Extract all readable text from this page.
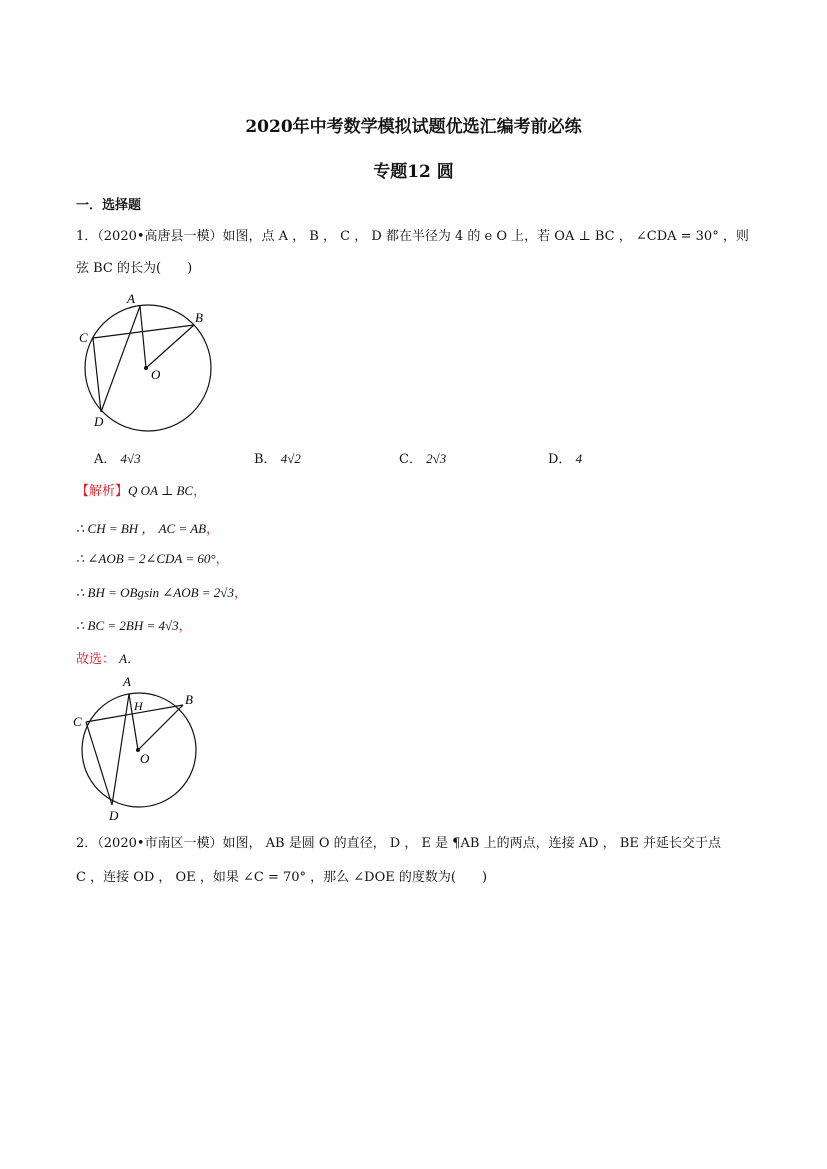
2020年中考数学模拟试题优选汇编考前必练
专题12 圆
一．选择题
1．（2020•高唐县一模）如图，点 A ， B ， C ， D 都在半径为 4 的 e O 上，若 OA ⊥ BC ， ∠CDA = 30° ，则
弦 BC 的长为(　　)
A
B
C
D
O
A． 4√3	B． 4√2	C． 2√3	D． 4
【解析】Q OA ⊥ BC，
∴ CH = BH ， AC = AB，
∴ ∠AOB = 2∠CDA = 60°，
∴ BH = OBgsin ∠AOB = 2√3，
∴ BC = 2BH = 4√3，
故选： A．
A
B
C
D
O
H
2．（2020•市南区一模）如图， AB 是圆 O 的直径， D ， E 是 ¶AB 上的两点，连接 AD ， BE 并延长交于点
C ，连接 OD ， OE ，如果 ∠C = 70° ，那么 ∠DOE 的度数为(　　)
